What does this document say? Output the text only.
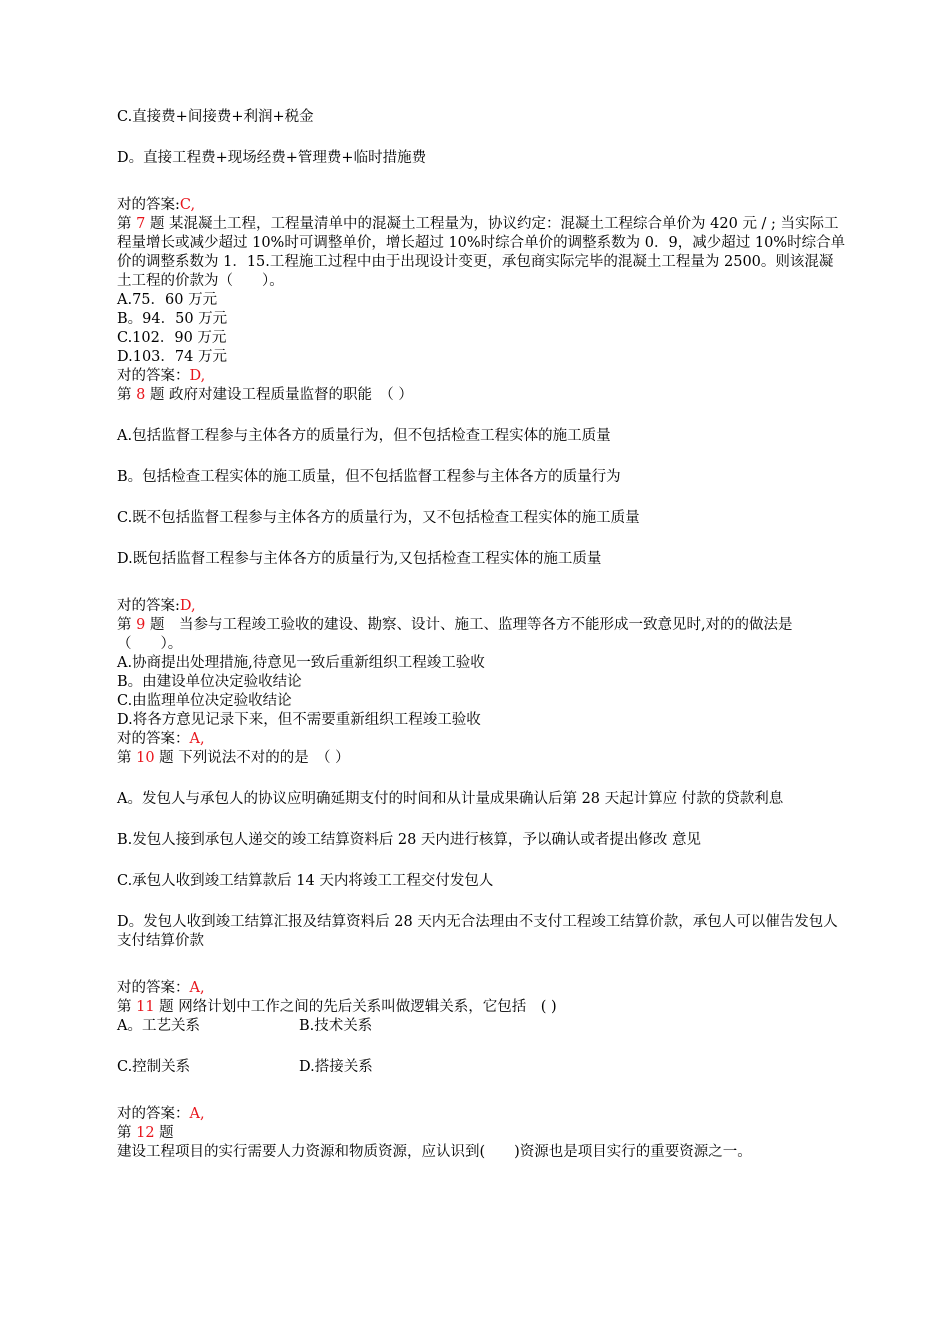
C.直接费+间接费+利润+税金
D。直接工程费+现场经费+管理费+临时措施费
对的答案:C,
第 7 题 某混凝土工程，工程量清单中的混凝土工程量为，协议约定：混凝土工程综合单价为 420 元 / ; 当实际工程量增长或减少超过 10%时可调整单价，增长超过 10%时综合单价的调整系数为 0．9，减少超过 10%时综合单价的调整系数为 1．15.工程施工过程中由于出现设计变更，承包商实际完毕的混凝土工程量为 2500。则该混凝土工程的价款为（　　）。
A.75．60 万元
B。94．50 万元
C.102．90 万元
D.103．74 万元
对的答案：D,
第 8 题 政府对建设工程质量监督的职能　（ ）
A.包括监督工程参与主体各方的质量行为，但不包括检查工程实体的施工质量
B。包括检查工程实体的施工质量，但不包括监督工程参与主体各方的质量行为
C.既不包括监督工程参与主体各方的质量行为，又不包括检查工程实体的施工质量
D.既包括监督工程参与主体各方的质量行为,又包括检查工程实体的施工质量
对的答案:D,
第 9 题　当参与工程竣工验收的建设、勘察、设计、施工、监理等各方不能形成一致意见时,对的的做法是（　　）。
A.协商提出处理措施,待意见一致后重新组织工程竣工验收
B。由建设单位决定验收结论
C.由监理单位决定验收结论
D.将各方意见记录下来，但不需要重新组织工程竣工验收
对的答案：A,
第 10 题 下列说法不对的的是　（ ）
A。发包人与承包人的协议应明确延期支付的时间和从计量成果确认后第 28 天起计算应 付款的贷款利息
B.发包人接到承包人递交的竣工结算资料后 28 天内进行核算，予以确认或者提出修改 意见
C.承包人收到竣工结算款后 14 天内将竣工工程交付发包人
D。发包人收到竣工结算汇报及结算资料后 28 天内无合法理由不支付工程竣工结算价款，承包人可以催告发包人支付结算价款
对的答案：A,
第 11 题 网络计划中工作之间的先后关系叫做逻辑关系，它包括　( )
A。工艺关系	B.技术关系
C.控制关系	D.搭接关系
对的答案：A,
第 12 题
建设工程项目的实行需要人力资源和物质资源，应认识到(　　)资源也是项目实行的重要资源之一。
